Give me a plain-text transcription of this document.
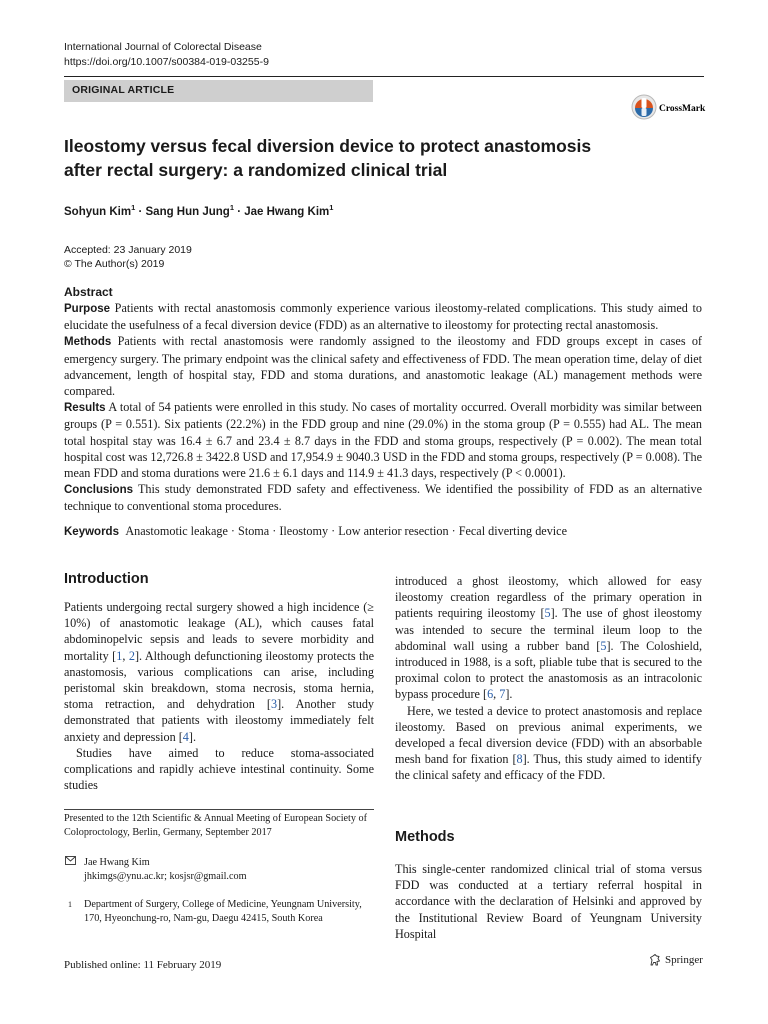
International Journal of Colorectal Disease
https://doi.org/10.1007/s00384-019-03255-9
ORIGINAL ARTICLE
CrossMark
Ileostomy versus fecal diversion device to protect anastomosis after rectal surgery: a randomized clinical trial
Sohyun Kim$^1$ · Sang Hun Jung$^1$ · Jae Hwang Kim$^1$
Accepted: 23 January 2019
© The Author(s) 2019
Abstract

Purpose Patients with rectal anastomosis commonly experience various ileostomy-related complications. This study aimed to elucidate the usefulness of a fecal diversion device (FDD) as an alternative to ileostomy for protecting rectal anastomosis.

Methods Patients with rectal anastomosis were randomly assigned to the ileostomy and FDD groups except in cases of emergency surgery. The primary endpoint was the clinical safety and effectiveness of FDD. The mean operation time, delay of diet advancement, length of hospital stay, FDD and stoma durations, and anastomotic leakage (AL) management methods were compared.

Results A total of 54 patients were enrolled in this study. No cases of mortality occurred. Overall morbidity was similar between groups (P = 0.551). Six patients (22.2%) in the FDD group and nine (29.0%) in the stoma group (P = 0.555) had AL. The mean total hospital stay was 16.4 ± 6.7 and 23.4 ± 8.7 days in the FDD and stoma groups, respectively (P = 0.002). The mean total hospital cost was 12,726.8 ± 3422.8 USD and 17,954.9 ± 9040.3 USD in the FDD and stoma groups, respectively (P = 0.008). The mean FDD and stoma durations were 21.6 ± 6.1 days and 114.9 ± 41.3 days, respectively (P < 0.0001).

Conclusions This study demonstrated FDD safety and effectiveness. We identified the possibility of FDD as an alternative technique to conventional stoma procedures.

Keywords Anastomotic leakage · Stoma · Ileostomy · Low anterior resection · Fecal diverting device
Introduction

Patients undergoing rectal surgery showed a high incidence (≥ 10%) of anastomotic leakage (AL), which causes fatal abdominopelvic sepsis and leads to severe morbidity and mortality [1, 2]. Although defunctioning ileostomy protects the anastomosis, various complications can arise, including peristomal skin breakdown, stoma necrosis, stoma hernia, stoma retraction, and dehydration [3]. Another study demonstrated that patients with ileostomy immediately felt anxiety and depression [4].

Studies have aimed to reduce stoma-associated complications and rapidly achieve intestinal continuity. Some studies

introduced a ghost ileostomy, which allowed for easy ileostomy creation regardless of the primary operation in patients requiring ileostomy [5]. The use of ghost ileostomy was intended to secure the terminal ileum loop to the abdominal wall using a rubber band [5]. The Coloshield, introduced in 1988, is a soft, pliable tube that is secured to the proximal colon to protect the anastomosis as an intracolonic bypass procedure [6, 7].

Here, we tested a device to protect anastomosis and replace ileostomy. Based on previous animal experiments, we developed a fecal diversion device (FDD) with an absorbable mesh band for fixation [8]. Thus, this study aimed to identify the clinical safety and efficacy of the FDD.

Methods

This single-center randomized clinical trial of stoma versus FDD was conducted at a tertiary referral hospital in accordance with the declaration of Helsinki and approved by the Institutional Review Board of Yeungnam University Hospital

Presented to the 12th Scientific & Annual Meeting of European Society of Coloproctology, Berlin, Germany, September 2017
Jae Hwang Kim
jhkimgs@ynu.ac.kr; kosjsr@gmail.com
1	Department of Surgery, College of Medicine, Yeungnam University, 170, Hyeonchung-ro, Nam-gu, Daegu 42415, South Korea
Published online: 11 February 2019	Springer
